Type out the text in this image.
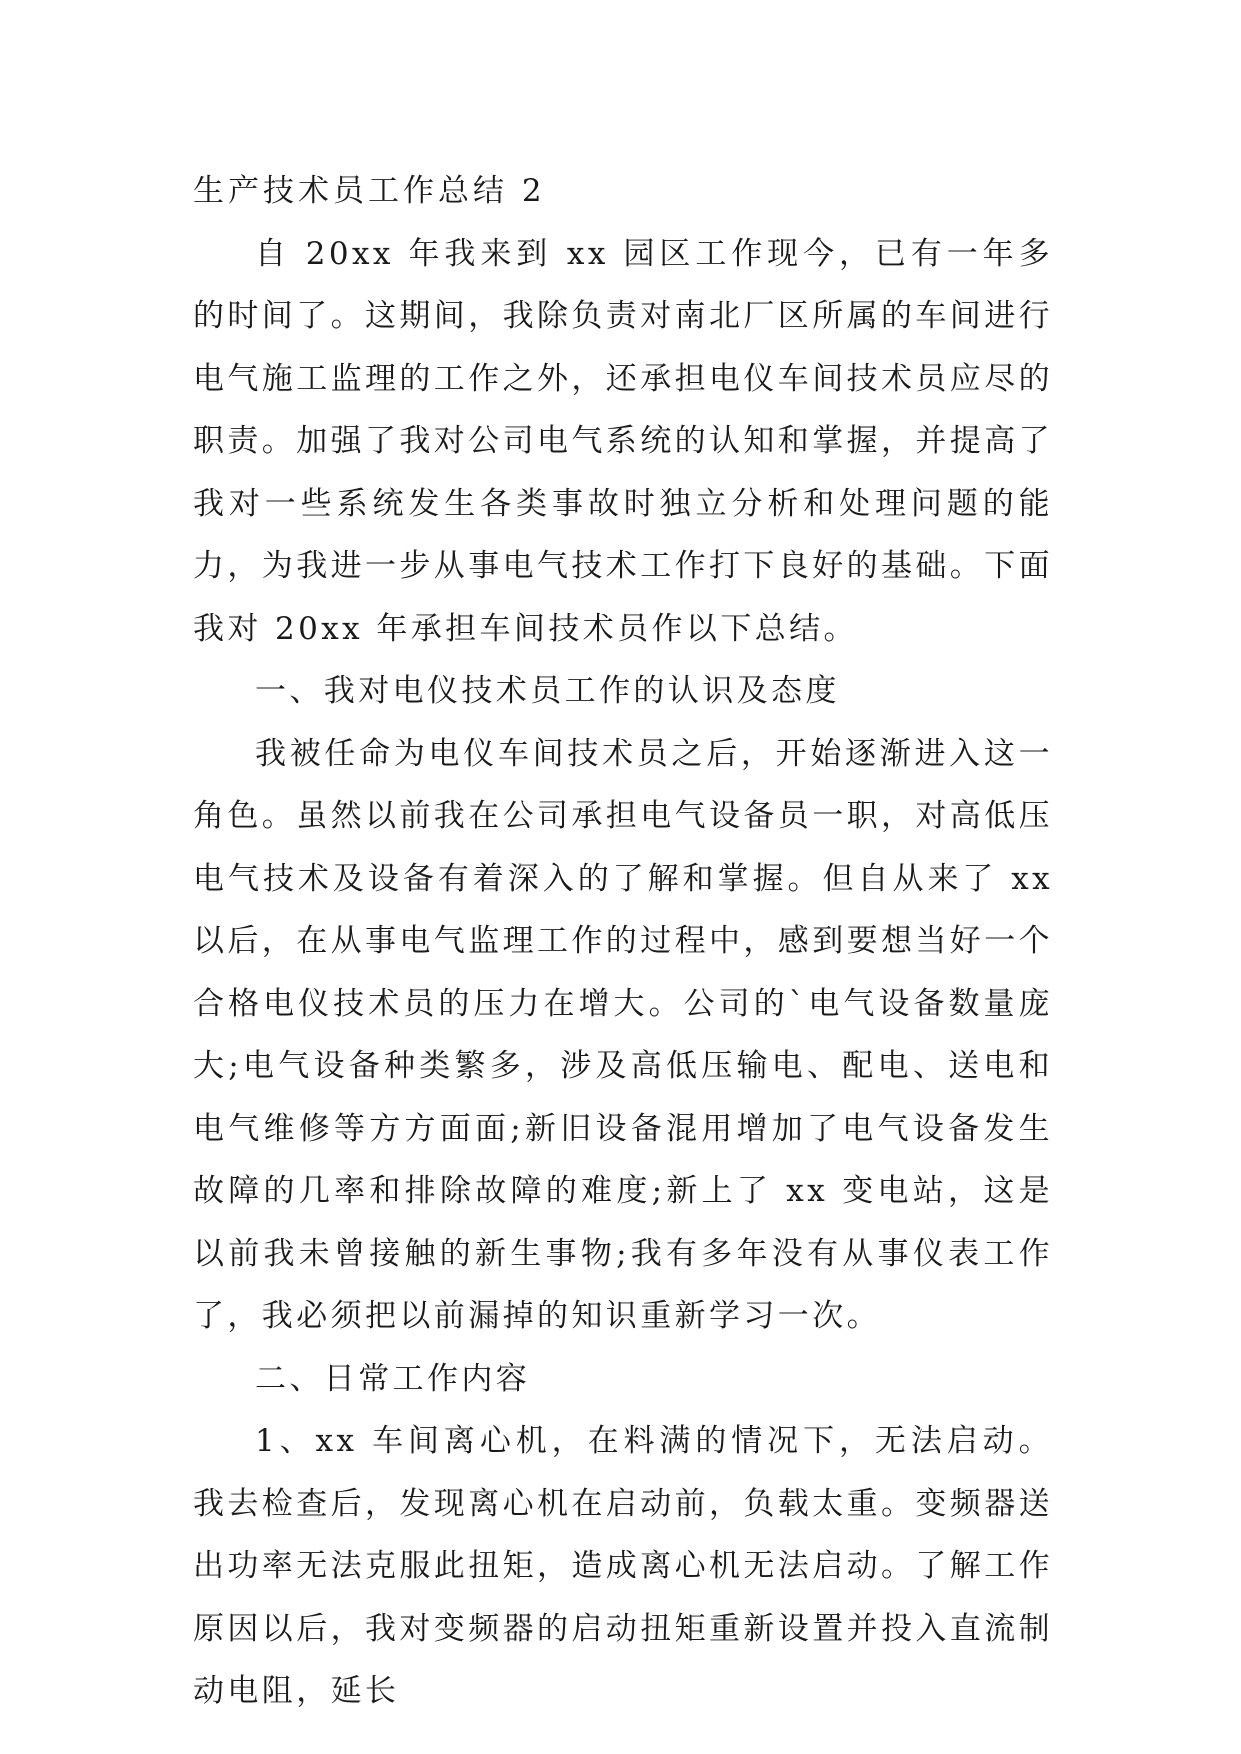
生产技术员工作总结 2

自 20xx 年我来到 xx 园区工作现今，已有一年多的时间了。这期间，我除负责对南北厂区所属的车间进行电气施工监理的工作之外，还承担电仪车间技术员应尽的职责。加强了我对公司电气系统的认知和掌握，并提高了我对一些系统发生各类事故时独立分析和处理问题的能力，为我进一步从事电气技术工作打下良好的基础。下面我对 20xx 年承担车间技术员作以下总结。

一、我对电仪技术员工作的认识及态度

我被任命为电仪车间技术员之后，开始逐渐进入这一角色。虽然以前我在公司承担电气设备员一职，对高低压电气技术及设备有着深入的了解和掌握。但自从来了 xx 以后，在从事电气监理工作的过程中，感到要想当好一个合格电仪技术员的压力在增大。公司的`电气设备数量庞大;电气设备种类繁多，涉及高低压输电、配电、送电和电气维修等方方面面;新旧设备混用增加了电气设备发生故障的几率和排除故障的难度;新上了 xx 变电站，这是以前我未曾接触的新生事物;我有多年没有从事仪表工作了，我必须把以前漏掉的知识重新学习一次。

二、日常工作内容

1、xx 车间离心机，在料满的情况下，无法启动。我去检查后，发现离心机在启动前，负载太重。变频器送出功率无法克服此扭矩，造成离心机无法启动。了解工作原因以后，我对变频器的启动扭矩重新设置并投入直流制动电阻，延长
